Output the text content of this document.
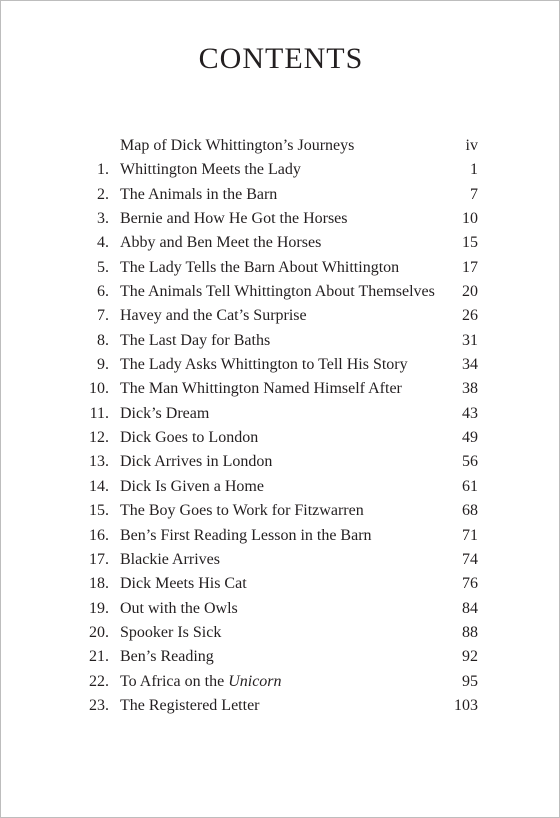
CONTENTS
Map of Dick Whittington’s Journeys	iv
1. Whittington Meets the Lady	1
2. The Animals in the Barn	7
3. Bernie and How He Got the Horses	10
4. Abby and Ben Meet the Horses	15
5. The Lady Tells the Barn About Whittington	17
6. The Animals Tell Whittington About Themselves 20
7. Havey and the Cat’s Surprise	26
8. The Last Day for Baths	31
9. The Lady Asks Whittington to Tell His Story	34
10. The Man Whittington Named Himself After	38
11. Dick’s Dream	43
12. Dick Goes to London	49
13. Dick Arrives in London	56
14. Dick Is Given a Home	61
15. The Boy Goes to Work for Fitzwarren	68
16. Ben’s First Reading Lesson in the Barn	71
17. Blackie Arrives	74
18. Dick Meets His Cat	76
19. Out with the Owls	84
20. Spooker Is Sick	88
21. Ben’s Reading	92
22. To Africa on the Unicorn	95
23. The Registered Letter	103
